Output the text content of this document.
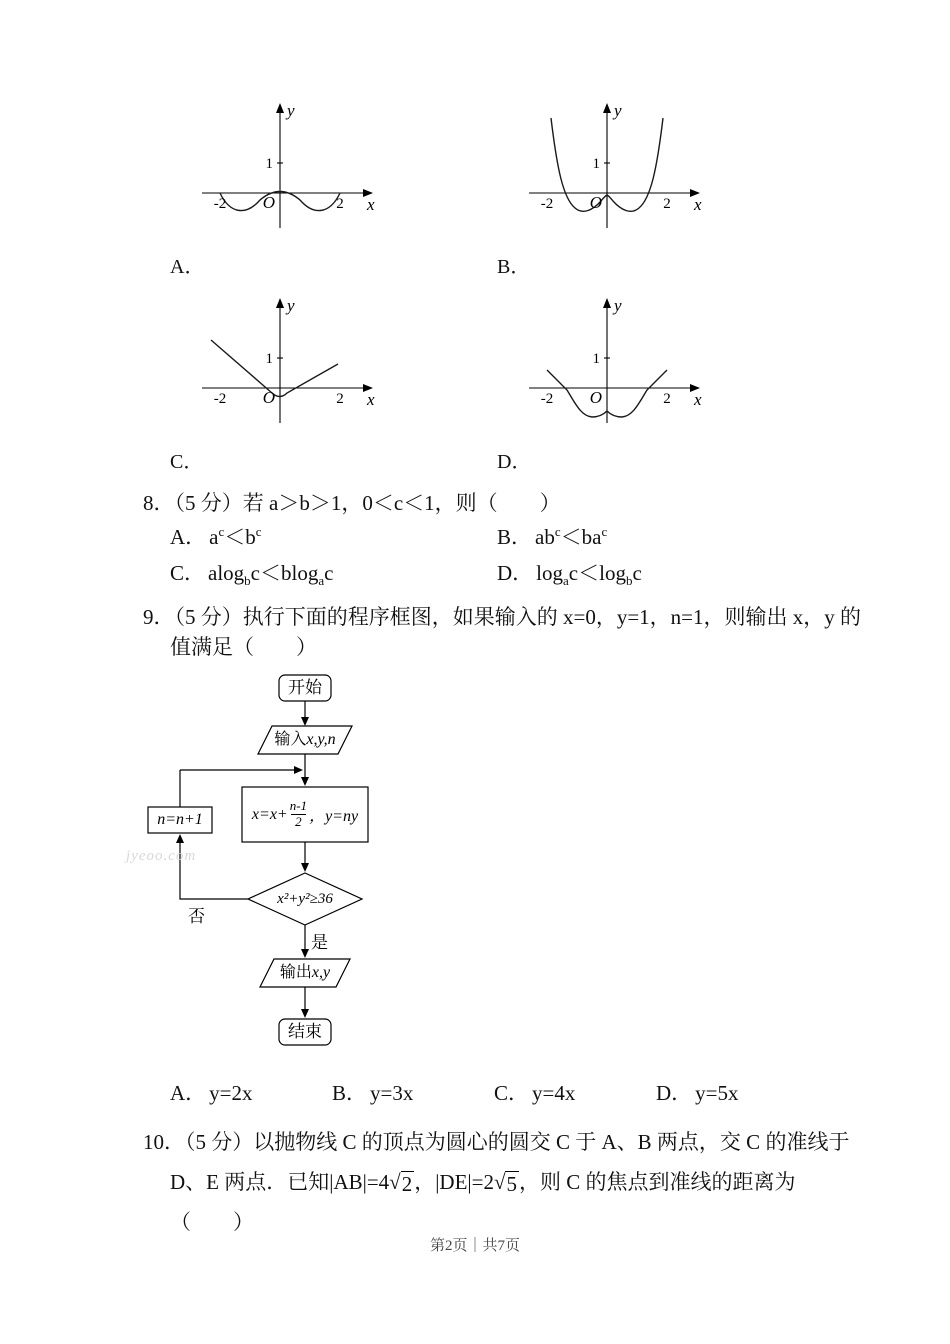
y
x
O
1
-2	2
A．
y
x
O
1
-2	2
B．
y
x
O
1
-2	2
C．
y
x
O
1
-2	2
D．
8．（5 分）若 a＞b＞1，0＜c＜1，则（　　）
A． $a^c<b^c$	B． $ab^c<ba^c$
C． alog$_b$c＜blog$_a$c	D． $\log_ac<\log_bc$
9．（5 分）执行下面的程序框图，如果输入的 x=0，y=1，n=1，则输出 x，y 的
值满足（　　）
开始
输入x,y,n
$x=x+ \frac{n-1}{2}$ ，y=ny
n=n+1
x²+y²≥36
否
是
输出x,y
结束
jyeoo.com
A． y=2x	B． y=3x	C． y=4x	D． y=5x
10．（5 分）以抛物线 C 的顶点为圆心的圆交 C 于 A、B 两点，交 C 的准线于
D、E 两点．已知|AB|=4 √ 2 ，|DE|=2 √ 5 ，则 C 的焦点到准线的距离为
（　　）
第2页｜共7页
